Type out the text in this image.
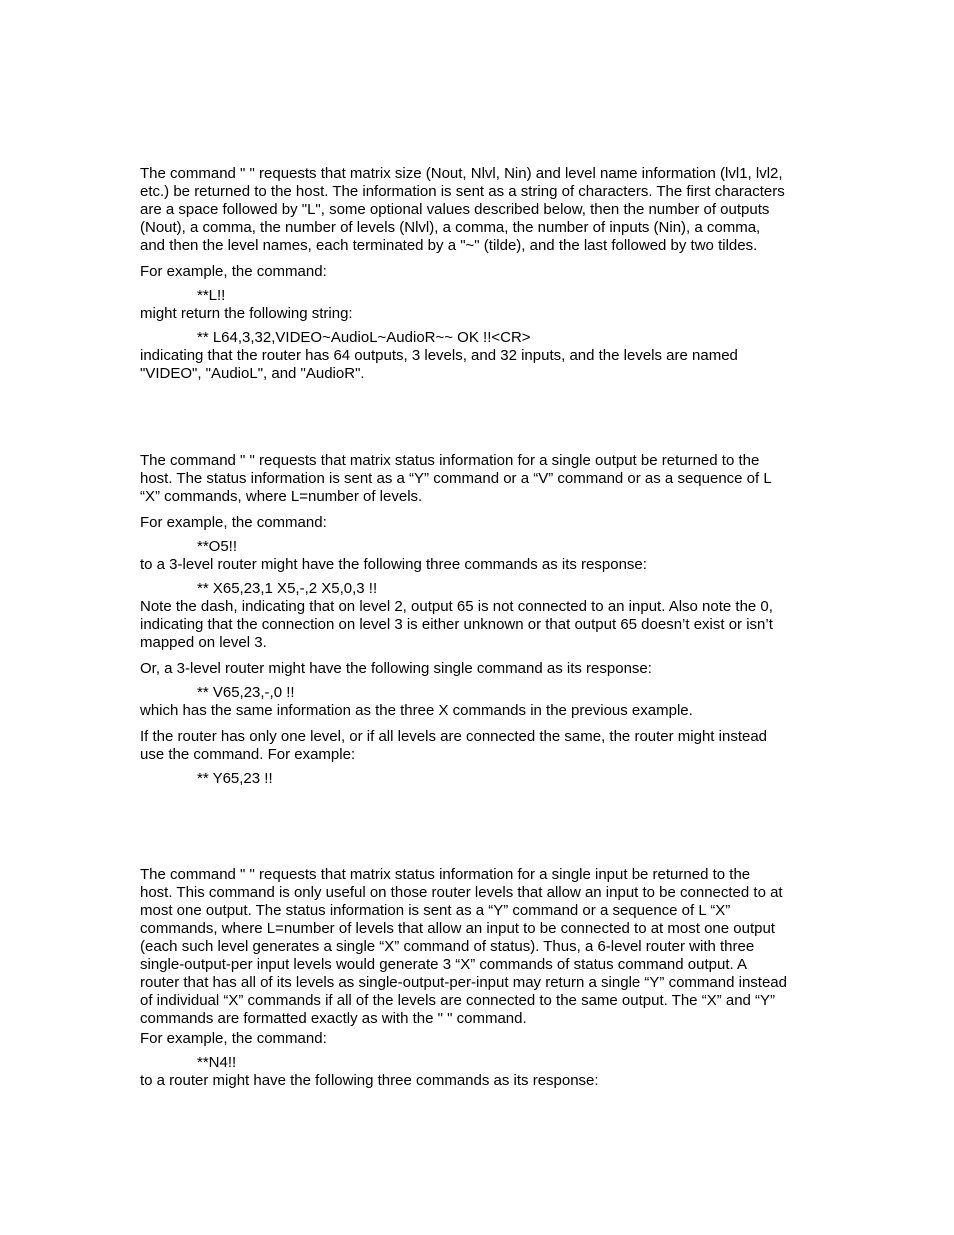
The command " " requests that matrix size (Nout, Nlvl, Nin) and level name information (lvl1, lvl2,

etc.) be returned to the host. The information is sent as a string of characters. The first characters

are a space followed by "L", some optional values described below, then the number of outputs

(Nout), a comma, the number of levels (Nlvl), a comma, the number of inputs (Nin), a comma,

and then the level names, each terminated by a "~" (tilde), and the last followed by two tildes.

For example, the command:

**L!!

might return the following string:

** L64,3,32,VIDEO~AudioL~AudioR~~ OK !!<CR>

indicating that the router has 64 outputs, 3 levels, and 32 inputs, and the levels are named

"VIDEO", "AudioL", and "AudioR".

The command " " requests that matrix status information for a single output be returned to the

host. The status information is sent as a “Y” command or a “V” command or as a sequence of L

“X” commands, where L=number of levels.

For example, the command:

**O5!!

to a 3-level router might have the following three commands as its response:

** X65,23,1 X5,-,2 X5,0,3 !!

Note the dash, indicating that on level 2, output 65 is not connected to an input. Also note the 0,

indicating that the connection on level 3 is either unknown or that output 65 doesn’t exist or isn’t

mapped on level 3.

Or, a 3-level router might have the following single command as its response:

** V65,23,-,0 !!

which has the same information as the three X commands in the previous example.

If the router has only one level, or if all levels are connected the same, the router might instead

use the command. For example:

** Y65,23 !!

The command " " requests that matrix status information for a single input be returned to the

host. This command is only useful on those router levels that allow an input to be connected to at

most one output. The status information is sent as a “Y” command or a sequence of L “X”

commands, where L=number of levels that allow an input to be connected to at most one output

(each such level generates a single “X” command of status). Thus, a 6-level router with three

single-output-per input levels would generate 3 “X” commands of status command output. A

router that has all of its levels as single-output-per-input may return a single “Y” command instead

of individual “X” commands if all of the levels are connected to the same output. The “X” and “Y”

commands are formatted exactly as with the " " command.

For example, the command:

**N4!!

to a router might have the following three commands as its response:
